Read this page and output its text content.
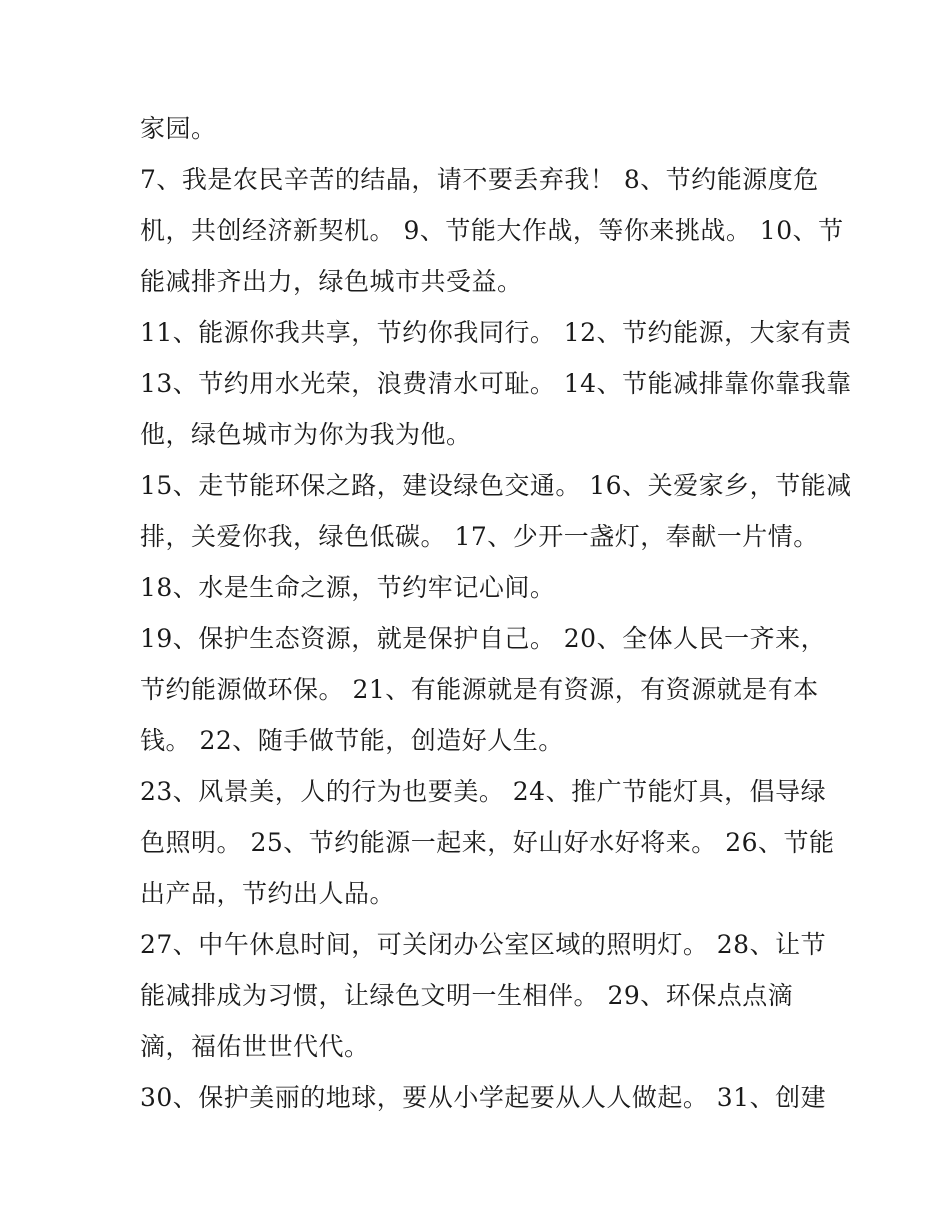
家园。
7、我是农民辛苦的结晶，请不要丢弃我！ 8、节约能源度危
机，共创经济新契机。 9、节能大作战，等你来挑战。 10、节
能减排齐出力，绿色城市共受益。
11、能源你我共享，节约你我同行。 12、节约能源，大家有责
13、节约用水光荣，浪费清水可耻。 14、节能减排靠你靠我靠
他，绿色城市为你为我为他。
15、走节能环保之路，建设绿色交通。 16、关爱家乡，节能减
排，关爱你我，绿色低碳。 17、少开一盏灯，奉献一片情。
18、水是生命之源，节约牢记心间。
19、保护生态资源，就是保护自己。 20、全体人民一齐来，
节约能源做环保。 21、有能源就是有资源，有资源就是有本
钱。 22、随手做节能，创造好人生。
23、风景美，人的行为也要美。 24、推广节能灯具，倡导绿
色照明。 25、节约能源一起来，好山好水好将来。 26、节能
出产品，节约出人品。
27、中午休息时间，可关闭办公室区域的照明灯。 28、让节
能减排成为习惯，让绿色文明一生相伴。 29、环保点点滴
滴，福佑世世代代。
30、保护美丽的地球，要从小学起要从人人做起。 31、创建
